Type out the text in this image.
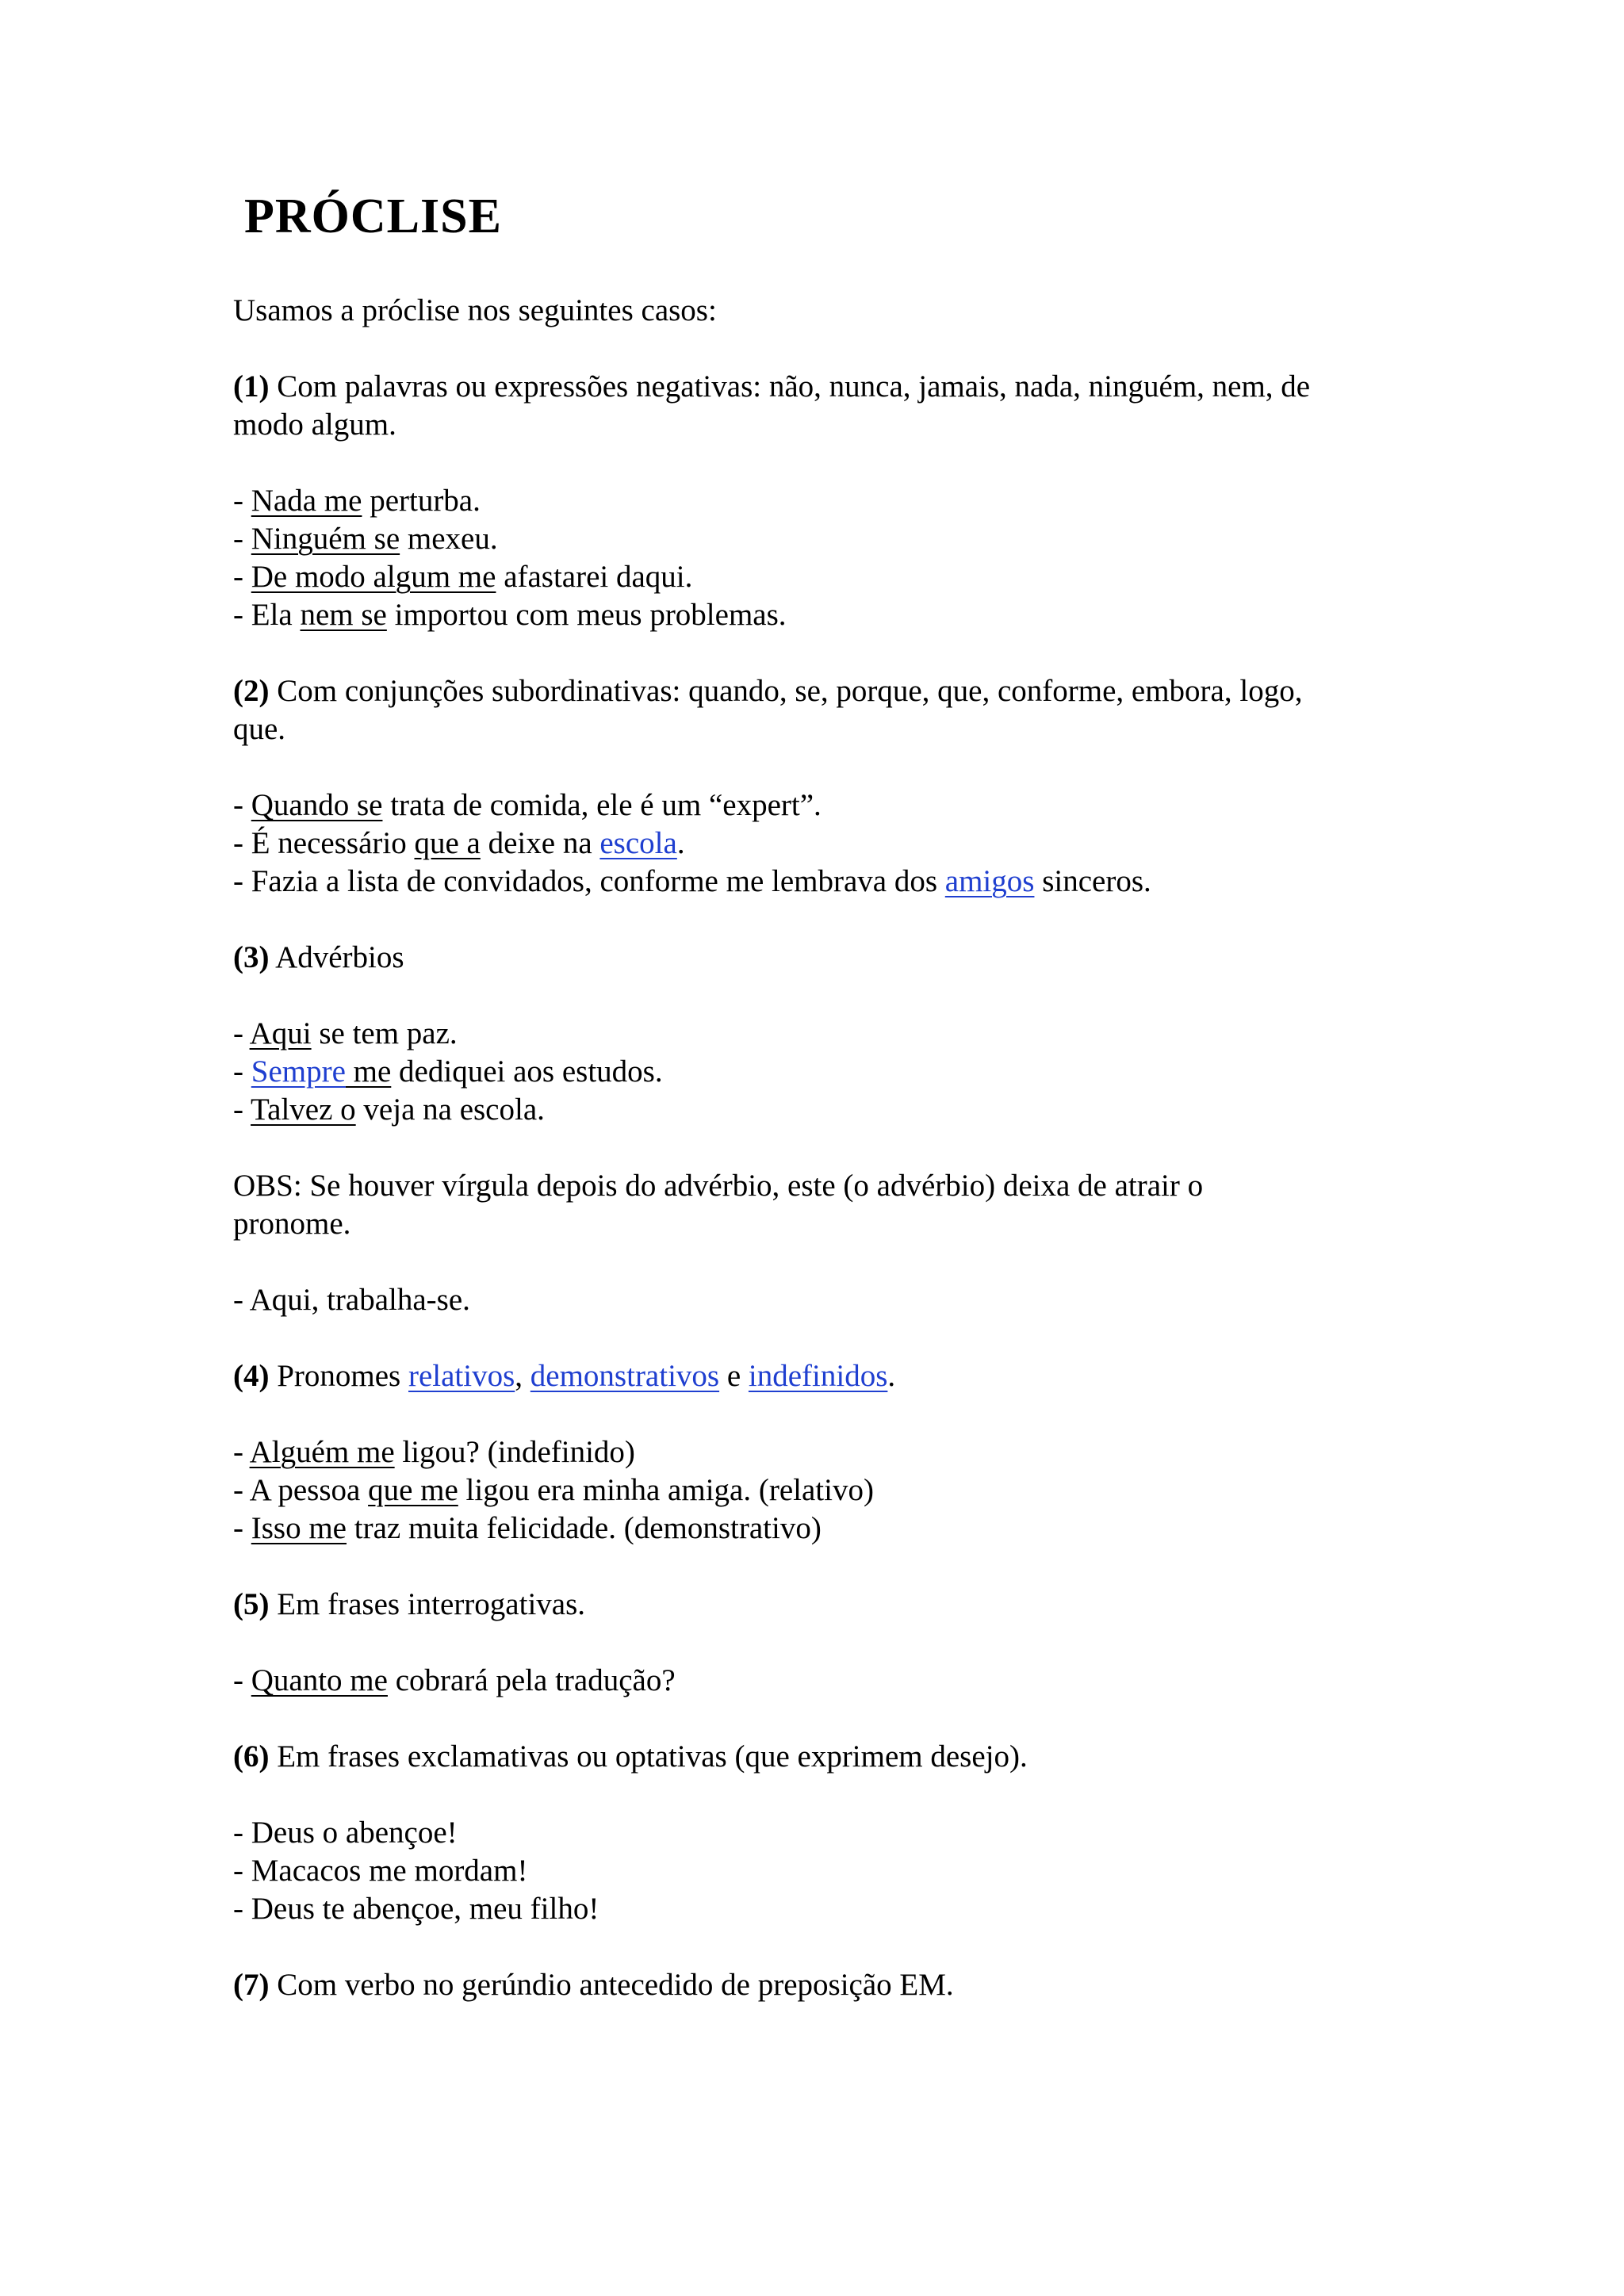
PRÓCLISE
Usamos a próclise nos seguintes casos:
(1) Com palavras ou expressões negativas: não, nunca, jamais, nada, ninguém, nem, de
modo algum.
- Nada me perturba.
- Ninguém se mexeu.
- De modo algum me afastarei daqui.
- Ela nem se importou com meus problemas.
(2) Com conjunções subordinativas: quando, se, porque, que, conforme, embora, logo,
que.
- Quando se trata de comida, ele é um “expert”.
- É necessário que a deixe na escola.
- Fazia a lista de convidados, conforme me lembrava dos amigos sinceros.
(3) Advérbios
- Aqui se tem paz.
- Sempre me dediquei aos estudos.
- Talvez o veja na escola.
OBS: Se houver vírgula depois do advérbio, este (o advérbio) deixa de atrair o
pronome.
- Aqui, trabalha-se.
(4) Pronomes relativos, demonstrativos e indefinidos.
- Alguém me ligou? (indefinido)
- A pessoa que me ligou era minha amiga. (relativo)
- Isso me traz muita felicidade. (demonstrativo)
(5) Em frases interrogativas.
- Quanto me cobrará pela tradução?
(6) Em frases exclamativas ou optativas (que exprimem desejo).
- Deus o abençoe!
- Macacos me mordam!
- Deus te abençoe, meu filho!
(7) Com verbo no gerúndio antecedido de preposição EM.
